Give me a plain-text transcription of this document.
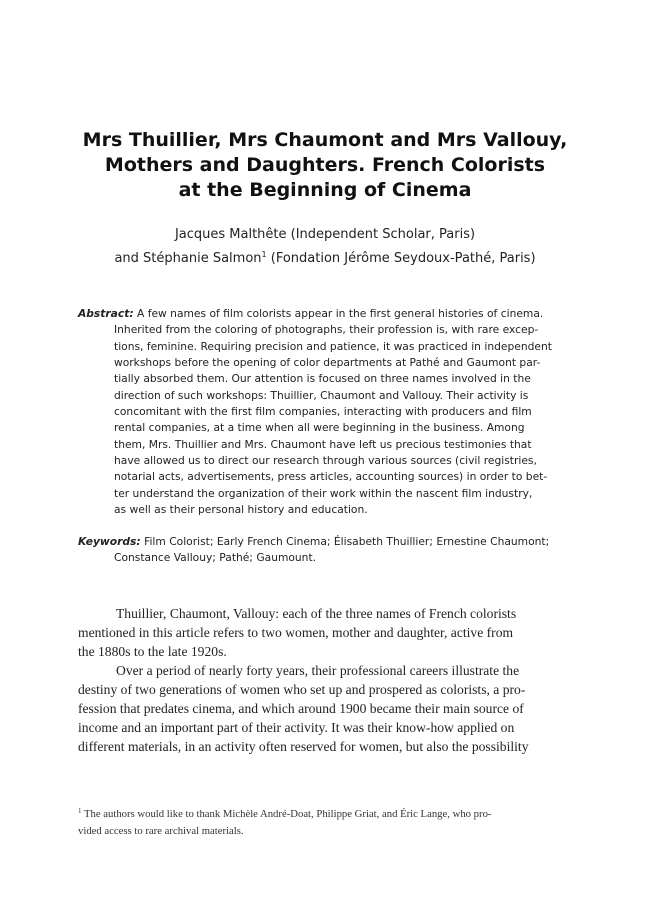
Mrs Thuillier, Mrs Chaumont and Mrs Vallouy,
Mothers and Daughters. French Colorists
at the Beginning of Cinema
Jacques Malthête (Independent Scholar, Paris)
and Stéphanie Salmon$^1$ (Fondation Jérôme Seydoux-Pathé, Paris)
Abstract: A few names of film colorists appear in the first general histories of cinema.
Inherited from the coloring of photographs, their profession is, with rare excep-
tions, feminine. Requiring precision and patience, it was practiced in independent
workshops before the opening of color departments at Pathé and Gaumont par-
tially absorbed them. Our attention is focused on three names involved in the
direction of such workshops: Thuillier, Chaumont and Vallouy. Their activity is
concomitant with the first film companies, interacting with producers and film
rental companies, at a time when all were beginning in the business. Among
them, Mrs. Thuillier and Mrs. Chaumont have left us precious testimonies that
have allowed us to direct our research through various sources (civil registries,
notarial acts, advertisements, press articles, accounting sources) in order to bet-
ter understand the organization of their work within the nascent film industry,
as well as their personal history and education.
Keywords: Film Colorist; Early French Cinema; Élisabeth Thuillier; Ernestine Chaumont;
Constance Vallouy; Pathé; Gaumount.
Thuillier, Chaumont, Vallouy: each of the three names of French colorists
mentioned in this article refers to two women, mother and daughter, active from
the 1880s to the late 1920s.
Over a period of nearly forty years, their professional careers illustrate the
destiny of two generations of women who set up and prospered as colorists, a pro-
fession that predates cinema, and which around 1900 became their main source of
income and an important part of their activity. It was their know-how applied on
different materials, in an activity often reserved for women, but also the possibility
$^1$ The authors would like to thank Michèle André-Doat, Philippe Griat, and Éric Lange, who pro-
vided access to rare archival materials.
